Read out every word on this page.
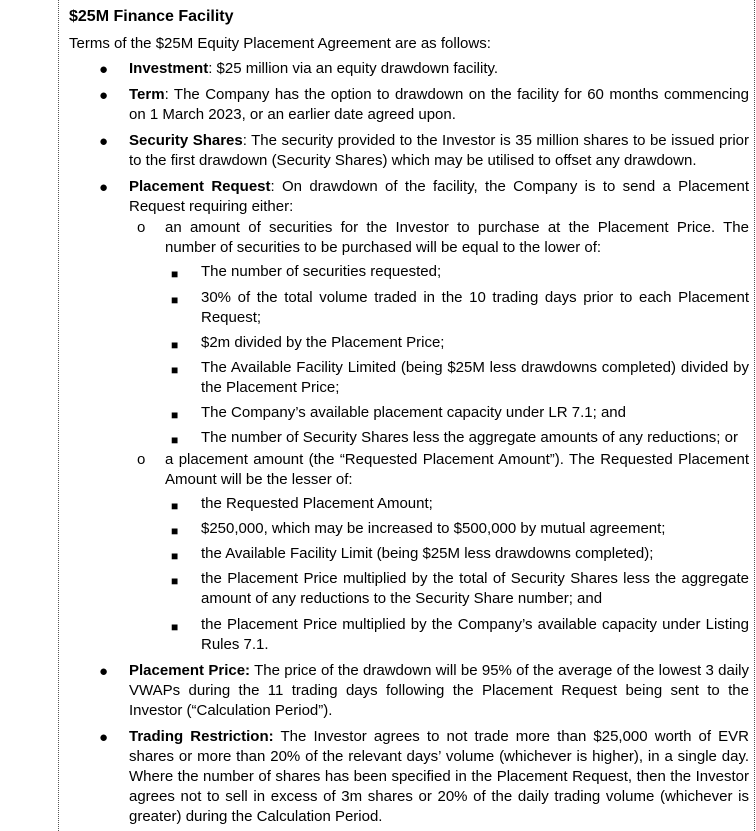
$25M Finance Facility
Terms of the $25M Equity Placement Agreement are as follows:
● Investment: $25 million via an equity drawdown facility.
● Term: The Company has the option to drawdown on the facility for 60 months commencing on 1 March 2023, or an earlier date agreed upon.
● Security Shares: The security provided to the Investor is 35 million shares to be issued prior to the first drawdown (Security Shares) which may be utilised to offset any drawdown.
● Placement Request: On drawdown of the facility, the Company is to send a Placement Request requiring either:
o an amount of securities for the Investor to purchase at the Placement Price. The number of securities to be purchased will be equal to the lower of:
■ The number of securities requested;
■ 30% of the total volume traded in the 10 trading days prior to each Placement Request;
■ $2m divided by the Placement Price;
■ The Available Facility Limited (being $25M less drawdowns completed) divided by the Placement Price;
■ The Company’s available placement capacity under LR 7.1; and
■ The number of Security Shares less the aggregate amounts of any reductions; or
o a placement amount (the “Requested Placement Amount”). The Requested Placement Amount will be the lesser of:
■ the Requested Placement Amount;
■ $250,000, which may be increased to $500,000 by mutual agreement;
■ the Available Facility Limit (being $25M less drawdowns completed);
■ the Placement Price multiplied by the total of Security Shares less the aggregate amount of any reductions to the Security Share number; and
■ the Placement Price multiplied by the Company’s available capacity under Listing Rules 7.1.
● Placement Price: The price of the drawdown will be 95% of the average of the lowest 3 daily VWAPs during the 11 trading days following the Placement Request being sent to the Investor (“Calculation Period”).
● Trading Restriction: The Investor agrees to not trade more than $25,000 worth of EVR shares or more than 20% of the relevant days’ volume (whichever is higher), in a single day. Where the number of shares has been specified in the Placement Request, then the Investor agrees not to sell in excess of 3m shares or 20% of the daily trading volume (whichever is greater) during the Calculation Period.
